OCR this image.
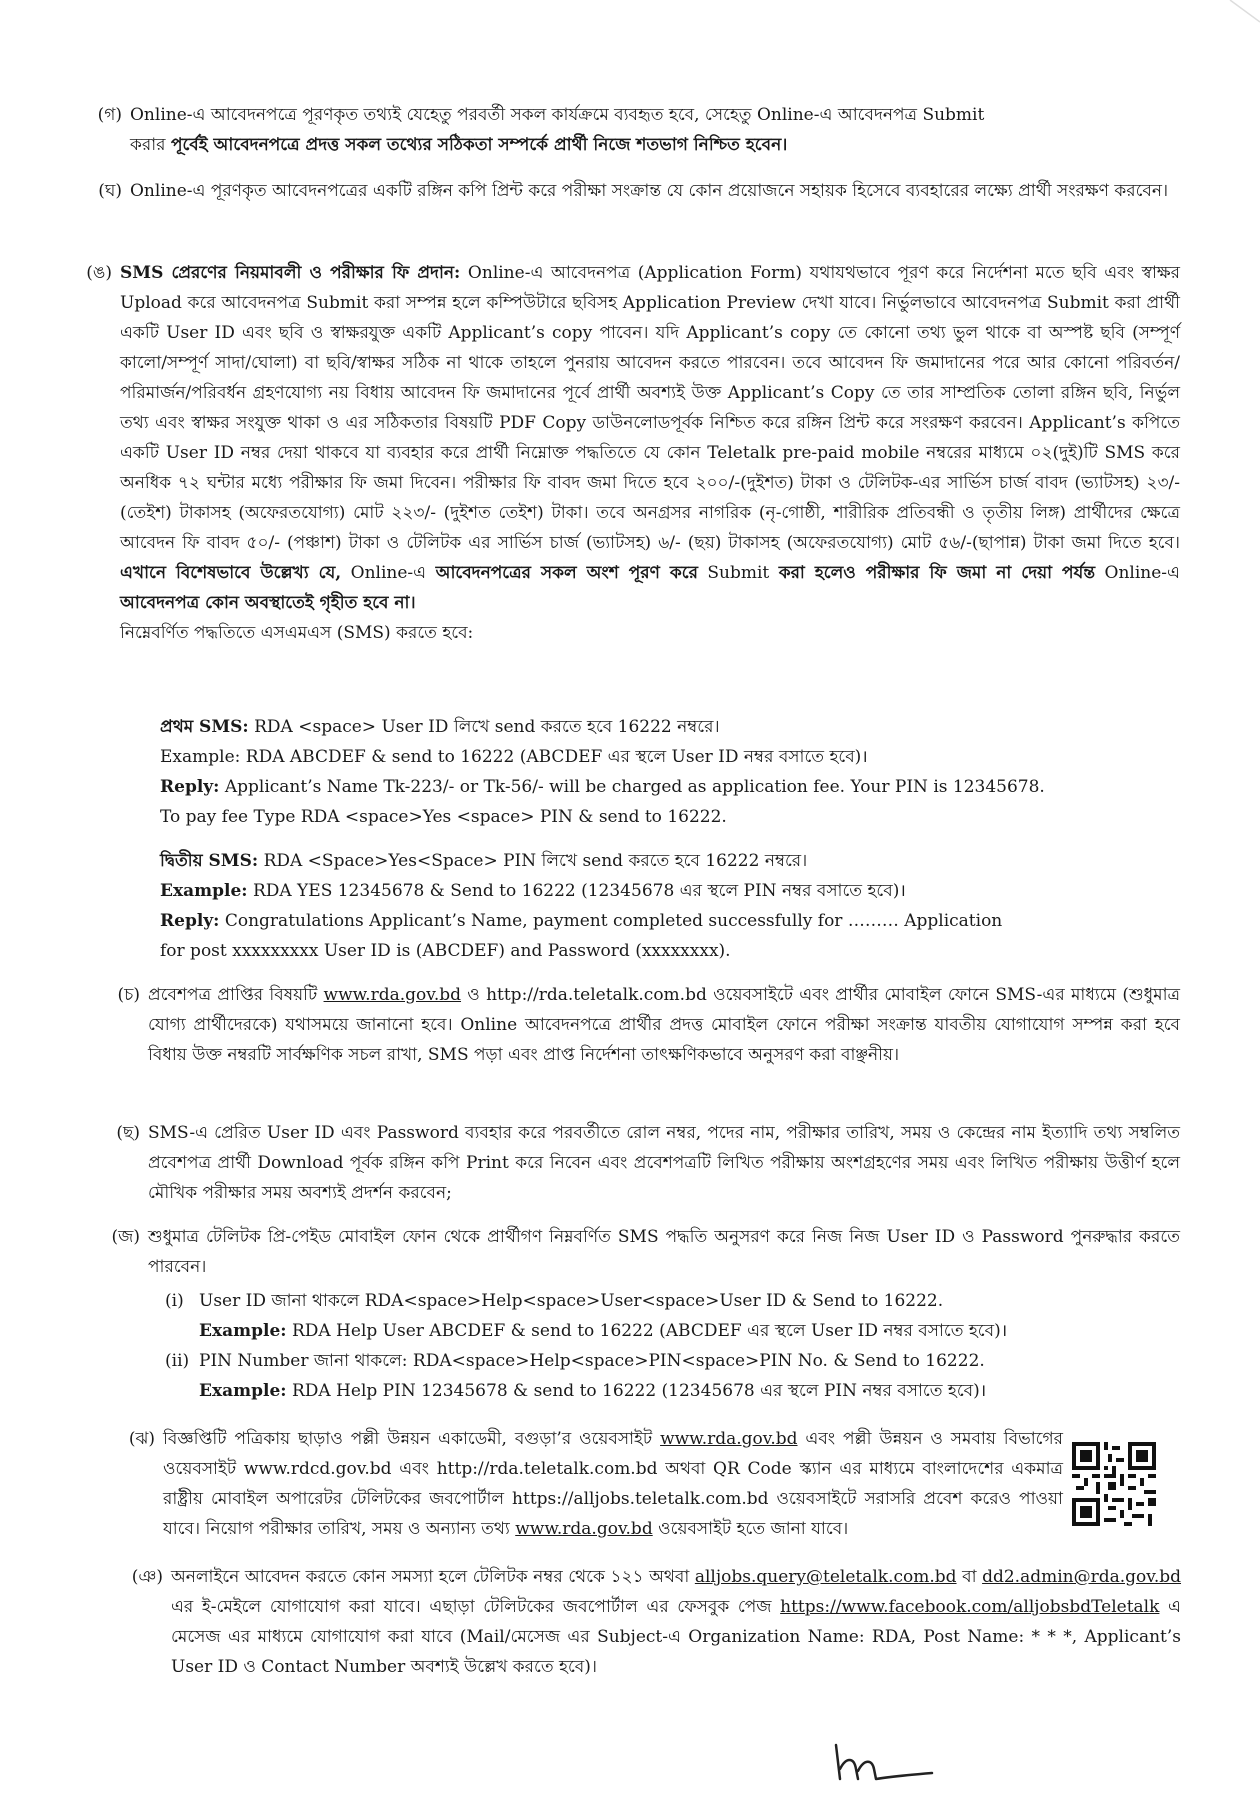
(গ) Online-এ আবেদনপত্রে পূরণকৃত তথ্যই যেহেতু পরবর্তী সকল কার্যক্রমে ব্যবহৃত হবে, সেহেতু Online-এ আবেদনপত্র Submit
করার পূর্বেই আবেদনপত্রে প্রদত্ত সকল তথ্যের সঠিকতা সম্পর্কে প্রার্থী নিজে শতভাগ নিশ্চিত হবেন।
(ঘ) Online-এ পূরণকৃত আবেদনপত্রের একটি রঙ্গিন কপি প্রিন্ট করে পরীক্ষা সংক্রান্ত যে কোন প্রয়োজনে সহায়ক হিসেবে ব্যবহারের লক্ষ্যে প্রার্থী সংরক্ষণ করবেন।
(ঙ) SMS প্রেরণের নিয়মাবলী ও পরীক্ষার ফি প্রদান: Online-এ আবেদনপত্র (Application Form) যথাযথভাবে পূরণ করে নির্দেশনা মতে ছবি এবং স্বাক্ষর Upload করে আবেদনপত্র Submit করা সম্পন্ন হলে কম্পিউটারে ছবিসহ Application Preview দেখা যাবে। নির্ভুলভাবে আবেদনপত্র Submit করা প্রার্থী একটি User ID এবং ছবি ও স্বাক্ষরযুক্ত একটি Applicant’s copy পাবেন। যদি Applicant’s copy তে কোনো তথ্য ভুল থাকে বা অস্পষ্ট ছবি (সম্পূর্ণ কালো/সম্পূর্ণ সাদা/ঘোলা) বা ছবি/স্বাক্ষর সঠিক না থাকে তাহলে পুনরায় আবেদন করতে পারবেন। তবে আবেদন ফি জমাদানের পরে আর কোনো পরিবর্তন/পরিমার্জন/পরিবর্ধন গ্রহণযোগ্য নয় বিধায় আবেদন ফি জমাদানের পূর্বে প্রার্থী অবশ্যই উক্ত Applicant’s Copy তে তার সাম্প্রতিক তোলা রঙ্গিন ছবি, নির্ভুল তথ্য এবং স্বাক্ষর সংযুক্ত থাকা ও এর সঠিকতার বিষয়টি PDF Copy ডাউনলোডপূর্বক নিশ্চিত করে রঙ্গিন প্রিন্ট করে সংরক্ষণ করবেন। Applicant’s কপিতে একটি User ID নম্বর দেয়া থাকবে যা ব্যবহার করে প্রার্থী নিম্নোক্ত পদ্ধতিতে যে কোন Teletalk pre-paid mobile নম্বরের মাধ্যমে ০২(দুই)টি SMS করে অনধিক ৭২ ঘন্টার মধ্যে পরীক্ষার ফি জমা দিবেন। পরীক্ষার ফি বাবদ জমা দিতে হবে ২০০/-(দুইশত) টাকা ও টেলিটক-এর সার্ভিস চার্জ বাবদ (ভ্যাটসহ) ২৩/- (তেইশ) টাকাসহ (অফেরতযোগ্য) মোট ২২৩/- (দুইশত তেইশ) টাকা। তবে অনগ্রসর নাগরিক (নৃ-গোষ্ঠী, শারীরিক প্রতিবন্ধী ও তৃতীয় লিঙ্গ) প্রার্থীদের ক্ষেত্রে আবেদন ফি বাবদ ৫০/- (পঞ্চাশ) টাকা ও টেলিটক এর সার্ভিস চার্জ (ভ্যাটসহ) ৬/- (ছয়) টাকাসহ (অফেরতযোগ্য) মোট ৫৬/-(ছাপান্ন) টাকা জমা দিতে হবে। এখানে বিশেষভাবে উল্লেখ্য যে, Online-এ আবেদনপত্রের সকল অংশ পূরণ করে Submit করা হলেও পরীক্ষার ফি জমা না দেয়া পর্যন্ত Online-এ আবেদনপত্র কোন অবস্থাতেই গৃহীত হবে না।
নিম্নেবর্ণিত পদ্ধতিতে এসএমএস (SMS) করতে হবে:
প্রথম SMS: RDA <space> User ID লিখে send করতে হবে 16222 নম্বরে।
Example: RDA ABCDEF & send to 16222 (ABCDEF এর স্থলে User ID নম্বর বসাতে হবে)।
Reply: Applicant’s Name Tk-223/- or Tk-56/- will be charged as application fee. Your PIN is 12345678.
To pay fee Type RDA <space>Yes <space> PIN & send to 16222.
দ্বিতীয় SMS: RDA <Space>Yes<Space> PIN লিখে send করতে হবে 16222 নম্বরে।
Example: RDA YES 12345678 & Send to 16222 (12345678 এর স্থলে PIN নম্বর বসাতে হবে)।
Reply: Congratulations Applicant’s Name, payment completed successfully for ……… Application
for post xxxxxxxxx User ID is (ABCDEF) and Password (xxxxxxxx).
(চ) প্রবেশপত্র প্রাপ্তির বিষয়টি www.rda.gov.bd ও http://rda.teletalk.com.bd ওয়েবসাইটে এবং প্রার্থীর মোবাইল ফোনে SMS-এর মাধ্যমে (শুধুমাত্র যোগ্য প্রার্থীদেরকে) যথাসময়ে জানানো হবে। Online আবেদনপত্রে প্রার্থীর প্রদত্ত মোবাইল ফোনে পরীক্ষা সংক্রান্ত যাবতীয় যোগাযোগ সম্পন্ন করা হবে বিধায় উক্ত নম্বরটি সার্বক্ষণিক সচল রাখা, SMS পড়া এবং প্রাপ্ত নির্দেশনা তাৎক্ষণিকভাবে অনুসরণ করা বাঞ্ছনীয়।
(ছ) SMS-এ প্রেরিত User ID এবং Password ব্যবহার করে পরবর্তীতে রোল নম্বর, পদের নাম, পরীক্ষার তারিখ, সময় ও কেন্দ্রের নাম ইত্যাদি তথ্য সম্বলিত প্রবেশপত্র প্রার্থী Download পূর্বক রঙ্গিন কপি Print করে নিবেন এবং প্রবেশপত্রটি লিখিত পরীক্ষায় অংশগ্রহণের সময় এবং লিখিত পরীক্ষায় উত্তীর্ণ হলে মৌখিক পরীক্ষার সময় অবশ্যই প্রদর্শন করবেন;
(জ) শুধুমাত্র টেলিটক প্রি-পেইড মোবাইল ফোন থেকে প্রার্থীগণ নিম্নবর্ণিত SMS পদ্ধতি অনুসরণ করে নিজ নিজ User ID ও Password পুনরুদ্ধার করতে পারবেন।
(i) User ID জানা থাকলে RDA<space>Help<space>User<space>User ID & Send to 16222.
Example: RDA Help User ABCDEF & send to 16222 (ABCDEF এর স্থলে User ID নম্বর বসাতে হবে)।
(ii) PIN Number জানা থাকলে: RDA<space>Help<space>PIN<space>PIN No. & Send to 16222.
Example: RDA Help PIN 12345678 & send to 16222 (12345678 এর স্থলে PIN নম্বর বসাতে হবে)।
(ঝ) বিজ্ঞপ্তিটি পত্রিকায় ছাড়াও পল্লী উন্নয়ন একাডেমী, বগুড়া’র ওয়েবসাইট www.rda.gov.bd এবং পল্লী উন্নয়ন ও সমবায় বিভাগের ওয়েবসাইট www.rdcd.gov.bd এবং http://rda.teletalk.com.bd অথবা QR Code স্ক্যান এর মাধ্যমে বাংলাদেশের একমাত্র রাষ্ট্রীয় মোবাইল অপারেটর টেলিটকের জবপোর্টাল https://alljobs.teletalk.com.bd ওয়েবসাইটে সরাসরি প্রবেশ করেও পাওয়া যাবে। নিয়োগ পরীক্ষার তারিখ, সময় ও অন্যান্য তথ্য www.rda.gov.bd ওয়েবসাইট হতে জানা যাবে।
(ঞ) অনলাইনে আবেদন করতে কোন সমস্যা হলে টেলিটক নম্বর থেকে ১২১ অথবা alljobs.query@teletalk.com.bd বা dd2.admin@rda.gov.bd এর ই-মেইলে যোগাযোগ করা যাবে। এছাড়া টেলিটকের জবপোর্টাল এর ফেসবুক পেজ https://www.facebook.com/alljobsbdTeletalk এ মেসেজ এর মাধ্যমে যোগাযোগ করা যাবে (Mail/মেসেজ এর Subject-এ Organization Name: RDA, Post Name: * * *, Applicant’s User ID ও Contact Number অবশ্যই উল্লেখ করতে হবে)।
